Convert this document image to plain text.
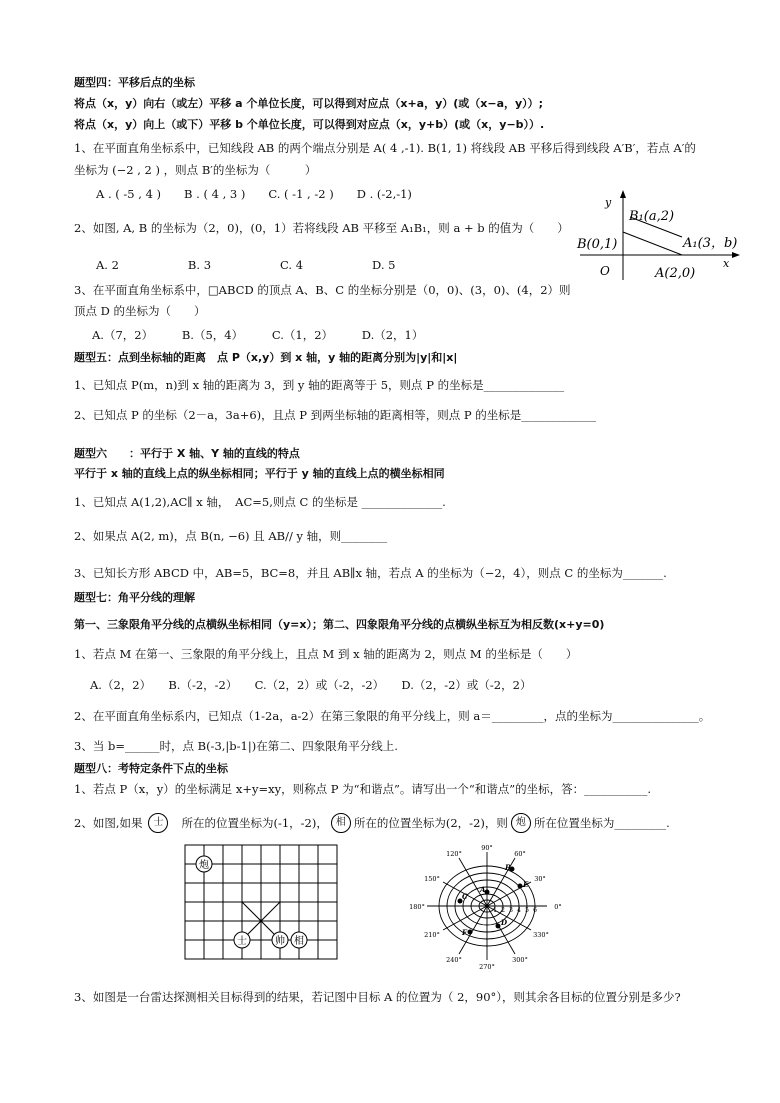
题型四：平移后点的坐标
将点（x，y）向右（或左）平移 a 个单位长度，可以得到对应点（x+a，y）(或（x−a，y））;
将点（x，y）向上（或下）平移 b 个单位长度，可以得到对应点（x，y+b）(或（x，y−b））.
1、在平面直角坐标系中，已知线段 AB 的两个端点分别是 A( 4 ,-1). B(1, 1) 将线段 AB 平移后得到线段 A′B′，若点 A′的
坐标为 (−2 , 2 ) ，则点 B′的坐标为（　　　）
A . ( -5 , 4 )　　B . ( 4 , 3 )　　C. ( -1 , -2 )　　D . (-2,-1)
2、如图, A, B 的坐标为（2，0)，(0，1）若将线段 AB 平移至 A₁B₁，则 a + b 的值为（　　）
A. 2　　　　　　B. 3　　　　　　C. 4　　　　　　D. 5
3、在平面直角坐标系中，□ABCD 的顶点 A、B、C 的坐标分别是（0，0)、(3，0)、(4，2）则
顶点 D 的坐标为（　　）
A.（7，2）　　　B.（5，4）　　　C.（1，2）　　　D.（2，1）
y
x
O
B₁(a,2)
B(0,1)	A₁(3，b)
A(2,0)
题型五：点到坐标轴的距离　点 P（x,y）到 x 轴，y 轴的距离分别为|y|和|x|
1、已知点 P(m，n)到 x 轴的距离为 3，到 y 轴的距离等于 5，则点 P 的坐标是______________
2、已知点 P 的坐标（2－a，3a+6)，且点 P 到两坐标轴的距离相等，则点 P 的坐标是_____________
题型六　　：平行于 X 轴、Y 轴的直线的特点
平行于 x 轴的直线上点的纵坐标相同；平行于 y 轴的直线上点的横坐标相同
1、已知点 A(1,2),AC∥ x 轴，　AC=5,则点 C 的坐标是 ______________.
2、如果点 A(2, m)，点 B(n, −6) 且 AB// y 轴，则________
3、已知长方形 ABCD 中，AB=5，BC=8，并且 AB∥x 轴，若点 A 的坐标为（−2，4），则点 C 的坐标为_______.
题型七：角平分线的理解
第一、三象限角平分线的点横纵坐标相同（y=x）；第二、四象限角平分线的点横纵坐标互为相反数(x+y=0)
1、若点 M 在第一、三象限的角平分线上，且点 M 到 x 轴的距离为 2，则点 M 的坐标是（　　）
A.（2，2）　　B.（-2，-2）　　C.（2，2）或（-2，-2）　　D.（2，-2）或（-2，2）
2、在平面直角坐标系内，已知点（1-2a，a-2）在第三象限的角平分线上，则 a＝_________，点的坐标为_______________。
3、当 b=______时，点 B(-3,|b-1|)在第二、四象限角平分线上.
题型八：考特定条件下点的坐标
1、若点 P（x，y）的坐标满足 x+y=xy，则称点 P 为“和谐点”。请写出一个“和谐点”的坐标，答：___________.
2、如图,如果	士	所在的位置坐标为(-1，-2)， 相 所在的位置坐标为(2，-2)，则 炮 所在位置坐标为_________.
炮
士	帅 相
90°
60°
30°
0°
330°
300°
270°
240°
210°
180°
150°
120°
1 2 3 4 5 6
A
B
C
D
E
F
3、如图是一台雷达探测相关目标得到的结果，若记图中目标 A 的位置为（ 2，90°），则其余各目标的位置分别是多少?
